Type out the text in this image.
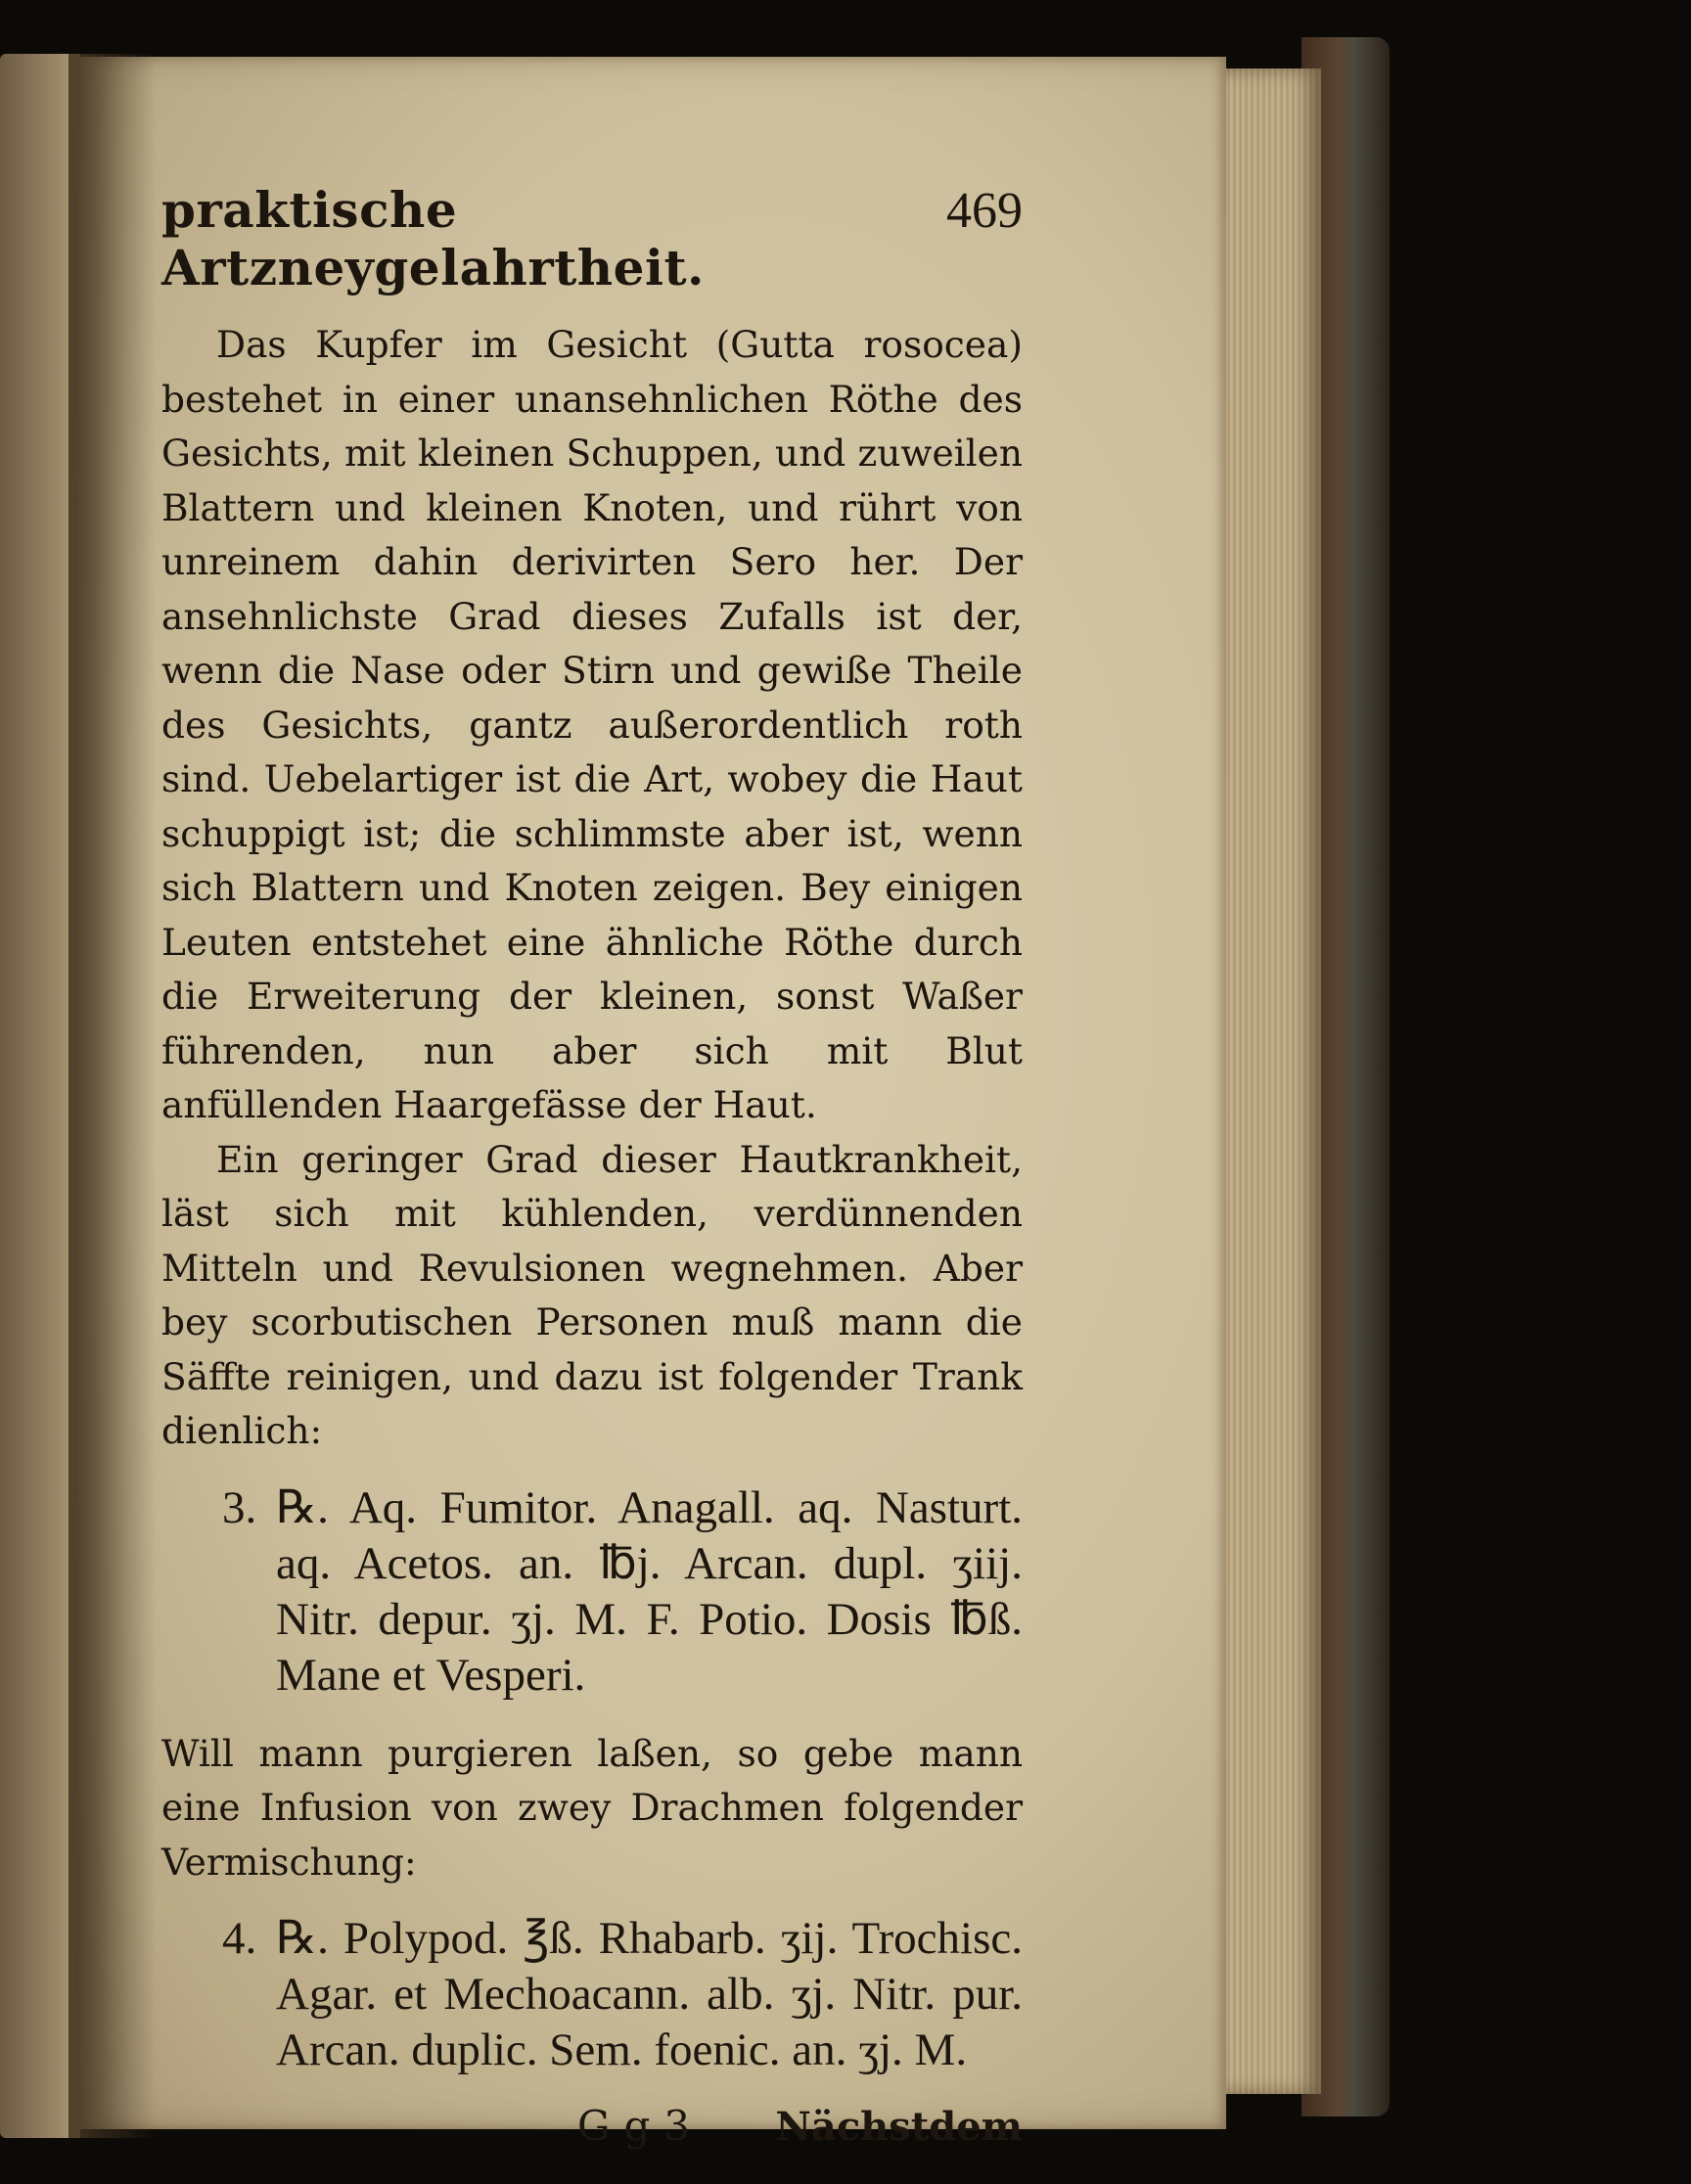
praktische Artzneygelahrtheit.
469

Das Kupfer im Gesicht (Gutta rosocea) bestehet in einer unansehnlichen Röthe des Gesichts, mit kleinen Schuppen, und zuweilen Blattern und kleinen Knoten, und rührt von unreinem dahin derivirten Sero her. Der ansehnlichste Grad dieses Zufalls ist der, wenn die Nase oder Stirn und gewiße Theile des Gesichts, gantz außerordentlich roth sind. Uebelartiger ist die Art, wobey die Haut schuppigt ist; die schlimmste aber ist, wenn sich Blattern und Knoten zeigen. Bey einigen Leuten entstehet eine ähnliche Röthe durch die Erweiterung der kleinen, sonst Waßer führenden, nun aber sich mit Blut anfüllenden Haargefässe der Haut.

Ein geringer Grad dieser Hautkrankheit, läst sich mit kühlenden, verdünnenden Mitteln und Revulsionen wegnehmen. Aber bey scorbutischen Personen muß mann die Säffte reinigen, und dazu ist folgender Trank dienlich:

3. ℞. Aq. Fumitor. Anagall. aq. Nasturt. aq. Acetos. an. ℔j. Arcan. dupl. ʒiij. Nitr. depur. ʒj. M. F. Potio. Dosis ℔ß. Mane et Vesperi.

Will mann purgieren laßen, so gebe mann eine Infusion von zwey Drachmen folgender Vermischung:

4. ℞. Polypod. ℥ß. Rhabarb. ʒij. Trochisc. Agar. et Mechoacann. alb. ʒj. Nitr. pur. Arcan. duplic. Sem. foenic. an. ʒj. M.

Gg3 Nächstdem
